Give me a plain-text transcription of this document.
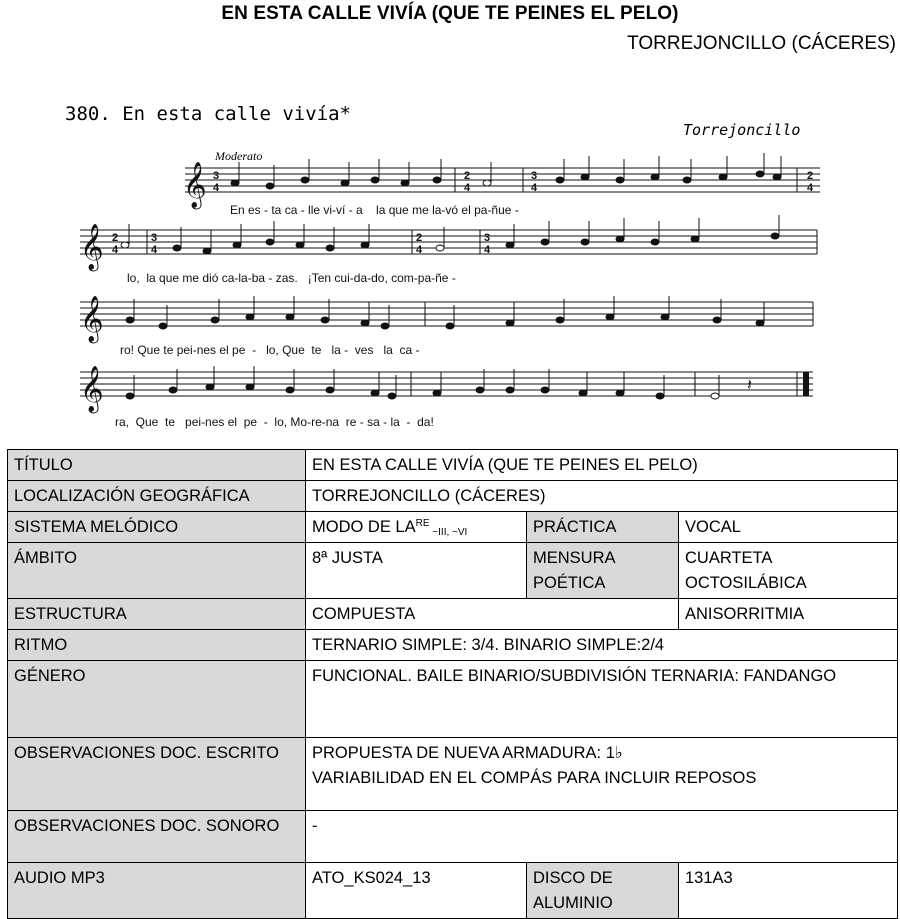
EN ESTA CALLE VIVÍA (QUE TE PEINES EL PELO)
TORREJONCILLO (CÁCERES)
380. En esta calle vivía*
Torrejoncillo
Moderato
𝄞
𝄞
𝄞
𝄞
3
4
2
4
3
4
2
4
2
4
3
4
2
4
3
4
𝄽
En es - ta ca - lle vi-ví - a    la que me la-vó el pa-ñue -
lo,  la que me dió ca-la-ba - zas.   ¡Ten cui-da-do, com-pa-ñe -
ro! Que te pei-nes el pe  -   lo, Que  te   la -  ves   la  ca -
ra,  Que  te   pei-nes el  pe  -  lo, Mo-re-na  re - sa - la  -  da!
TÍTULO	EN ESTA CALLE VIVÍA (QUE TE PEINES EL PELO)		
LOCALIZACIÓN GEOGRÁFICA	TORREJONCILLO (CÁCERES)		
SISTEMA MELÓDICO	MODO DE $LA^{RE}$ $_{\sim III, \sim VI}$	PRÁCTICA	VOCAL
ÁMBITO	8ª JUSTA	MENSURA POÉTICA	CUARTETA OCTOSILÁBICA
ESTRUCTURA	COMPUESTA		ANISORRITMIA
RITMO	TERNARIO SIMPLE: 3/4. BINARIO SIMPLE:2/4		
GÉNERO	FUNCIONAL. BAILE BINARIO/SUBDIVISIÓN TERNARIA: FANDANGO		
OBSERVACIONES DOC. ESCRITO	PROPUESTA DE NUEVA ARMADURA: 1♭
VARIABILIDAD EN EL COMPÁS PARA INCLUIR REPOSOS		

OBSERVACIONES DOC. SONORO	-		
AUDIO MP3	ATO_KS024_13	DISCO DE ALUMINIO	131A3
